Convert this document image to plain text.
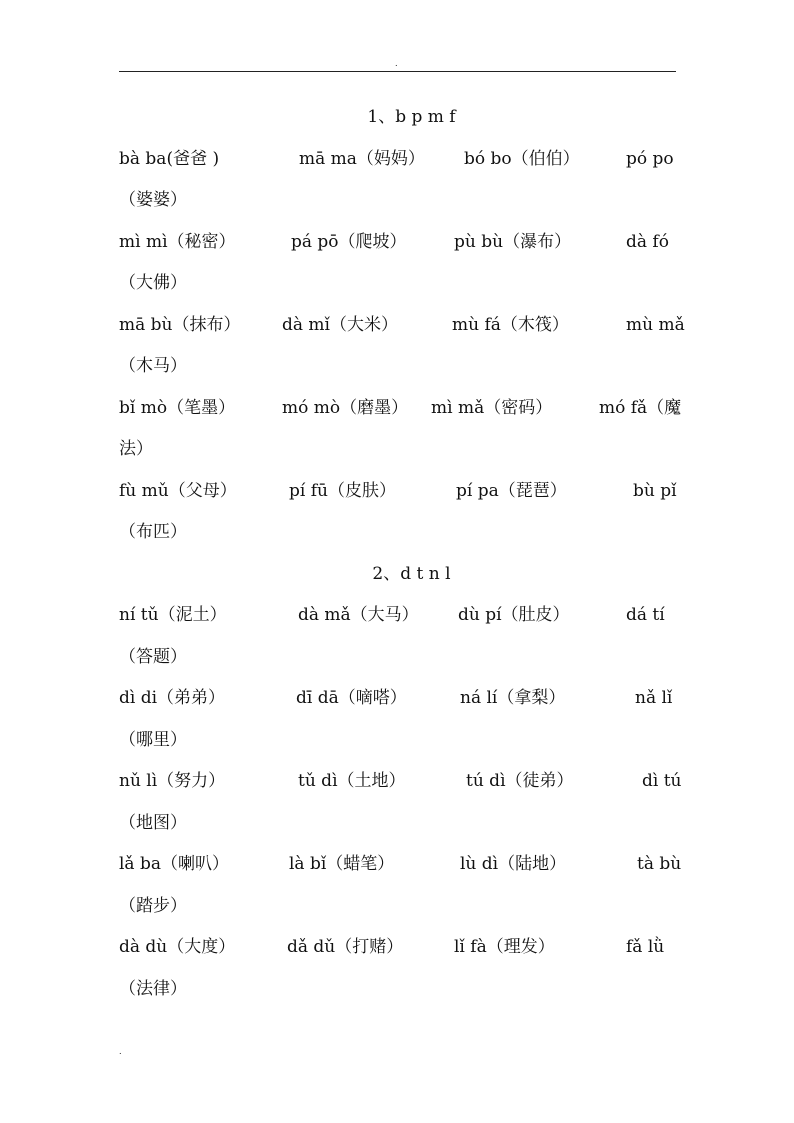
.
1、b p m f
bà ba(爸爸 )	mā ma（妈妈） bó bo（伯伯）	pó po
（婆婆）
mì mì（秘密）	pá pō（爬坡）	pù bù（瀑布）	dà fó
（大佛）
mā bù（抹布） dà mǐ（大米）	mù fá（木筏）	mù mǎ
（木马）
bǐ mò（笔墨）	mó mò（磨墨） mì mǎ（密码）	mó fǎ（魔
法）
fù mǔ（父母）	pí fū（皮肤）	pí pa（琵琶）	bù pǐ
（布匹）
2、d t n l
ní tǔ（泥土）	dà mǎ（大马） dù pí（肚皮）	dá tí
（答题）
dì di（弟弟）	dī dā（嘀嗒）	ná lí（拿梨）	nǎ lǐ
（哪里）
nǔ lì（努力）	tǔ dì（土地）	tú dì（徒弟）	dì tú
（地图）
lǎ ba（喇叭）	là bǐ（蜡笔）	lù dì（陆地）	tà bù
（踏步）
dà dù（大度）	dǎ dǔ（打赌）	lǐ fà（理发）	fǎ lǜ
（法律）
.
